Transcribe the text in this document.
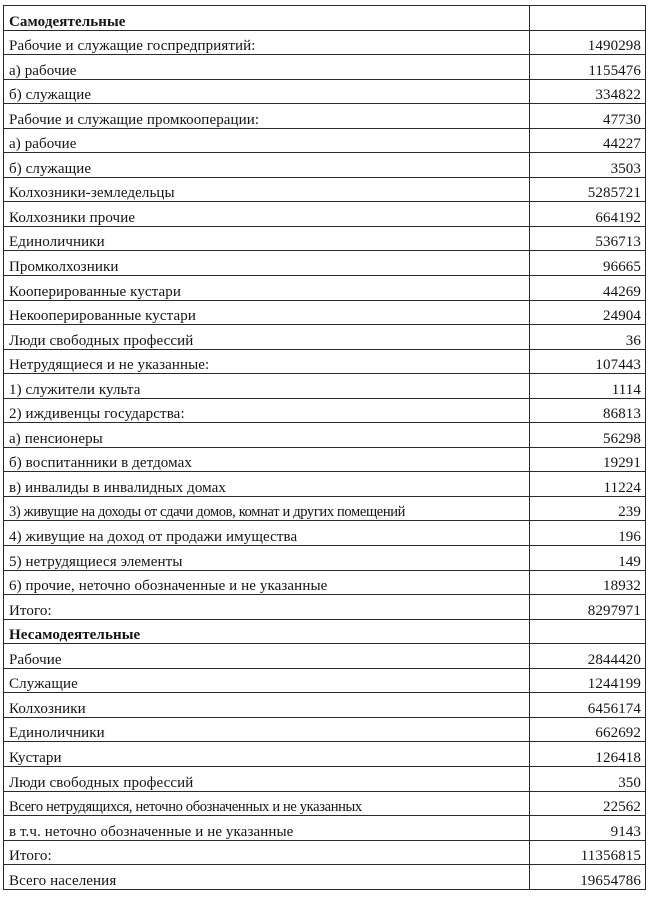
Самодеятельные	
Рабочие и служащие госпредприятий:	1490298
а) рабочие	1155476
б) служащие	334822
Рабочие и служащие промкооперации:	47730
а) рабочие	44227
б) служащие	3503
Колхозники-земледельцы	5285721
Колхозники прочие	664192
Единоличники	536713
Промколхозники	96665
Кооперированные кустари	44269
Некооперированные кустари	24904
Люди свободных профессий	36
Нетрудящиеся и не указанные:	107443
1) служители культа	1114
2) иждивенцы государства:	86813
а) пенсионеры	56298
б) воспитанники в детдомах	19291
в) инвалиды в инвалидных домах	11224
3) живущие на доходы от сдачи домов, комнат и других помещений	239
4) живущие на доход от продажи имущества	196
5) нетрудящиеся элементы	149
6) прочие, неточно обозначенные и не указанные	18932
Итого:	8297971
Несамодеятельные	
Рабочие	2844420
Служащие	1244199
Колхозники	6456174
Единоличники	662692
Кустари	126418
Люди свободных профессий	350
Всего нетрудящихся, неточно обозначенных и не указанных	22562
в т.ч. неточно обозначенные и не указанные	9143
Итого:	11356815
Всего населения	19654786
